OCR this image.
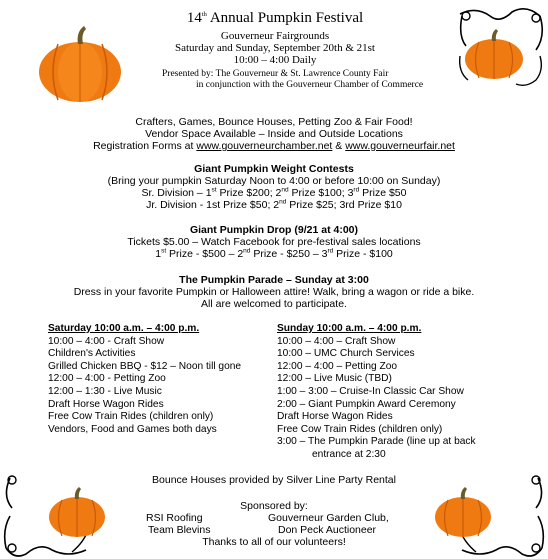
14th Annual Pumpkin Festival
Gouverneur Fairgrounds
Saturday and Sunday, September 20th & 21st
10:00 – 4:00 Daily
Presented by: The Gouverneur & St. Lawrence County Fair
in conjunction with the Gouverneur Chamber of Commerce
Crafters, Games, Bounce Houses, Petting Zoo & Fair Food!
Vendor Space Available – Inside and Outside Locations
Registration Forms at www.gouverneurchamber.net & www.gouverneurfair.net
Giant Pumpkin Weight Contests
(Bring your pumpkin Saturday Noon to 4:00 or before 10:00 on Sunday)
Sr. Division – 1st Prize $200; 2nd Prize $100; 3rd Prize $50
Jr. Division - 1st Prize $50; 2nd Prize $25; 3rd Prize $10
Giant Pumpkin Drop (9/21 at 4:00)
Tickets $5.00 – Watch Facebook for pre-festival sales locations
1st Prize - $500 – 2nd Prize - $250 – 3rd Prize - $100
The Pumpkin Parade – Sunday at 3:00
Dress in your favorite Pumpkin or Halloween attire! Walk, bring a wagon or ride a bike.
All are welcomed to participate.
Saturday 10:00 a.m. – 4:00 p.m.
10:00 – 4:00 - Craft Show
Children's Activities
Grilled Chicken BBQ - $12 – Noon till gone
12:00 – 4:00 - Petting Zoo
12:00 – 1:30 - Live Music
Draft Horse Wagon Rides
Free Cow Train Rides (children only)
Vendors, Food and Games both days
Sunday 10:00 a.m. – 4:00 p.m.
10:00 – 4:00 – Craft Show
10:00 – UMC Church Services
12:00 – 4:00 – Petting Zoo
12:00 – Live Music (TBD)
1:00 – 3:00 – Cruise-In Classic Car Show
2:00 – Giant Pumpkin Award Ceremony
Draft Horse Wagon Rides
Free Cow Train Rides (children only)
3:00 – The Pumpkin Parade (line up at back
entrance at 2:30
Bounce Houses provided by Silver Line Party Rental
Sponsored by:
RSI Roofing	Gouverneur Garden Club,
Team Blevins	Don Peck Auctioneer
Thanks to all of our volunteers!
